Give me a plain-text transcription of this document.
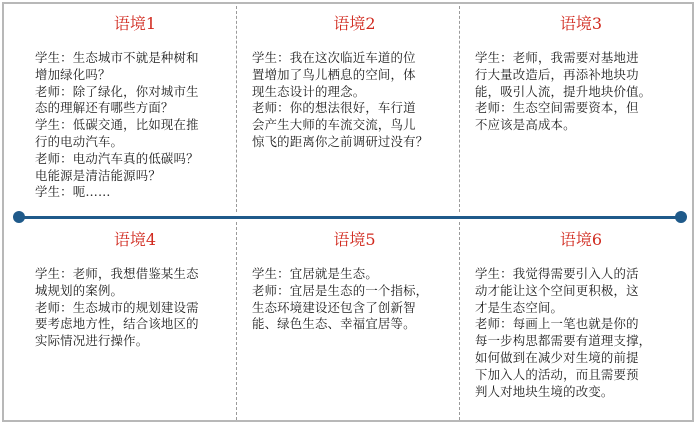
语境1
学生：生态城市不就是种树和
增加绿化吗？
老师：除了绿化，你对城市生
态的理解还有哪些方面？
学生：低碳交通，比如现在推
行的电动汽车。
老师：电动汽车真的低碳吗？
电能源是清洁能源吗？
学生：呃……
语境2
学生：我在这次临近车道的位
置增加了鸟儿栖息的空间，体
现生态设计的理念。
老师：你的想法很好，车行道
会产生大师的车流交流，鸟儿
惊飞的距离你之前调研过没有？
语境3
学生：老师，我需要对基地进
行大量改造后，再添补地块功
能，吸引人流，提升地块价值。
老师：生态空间需要资本，但
不应该是高成本。
语境4
学生：老师，我想借鉴某生态
城规划的案例。
老师：生态城市的规划建设需
要考虑地方性，结合该地区的
实际情况进行操作。
语境5
学生：宜居就是生态。
老师：宜居是生态的一个指标，
生态环境建设还包含了创新智
能、绿色生态、幸福宜居等。
语境6
学生：我觉得需要引入人的活
动才能让这个空间更积极，这
才是生态空间。
老师：每画上一笔也就是你的
每一步构思都需要有道理支撑，
如何做到在减少对生境的前提
下加入人的活动，而且需要预
判人对地块生境的改变。
